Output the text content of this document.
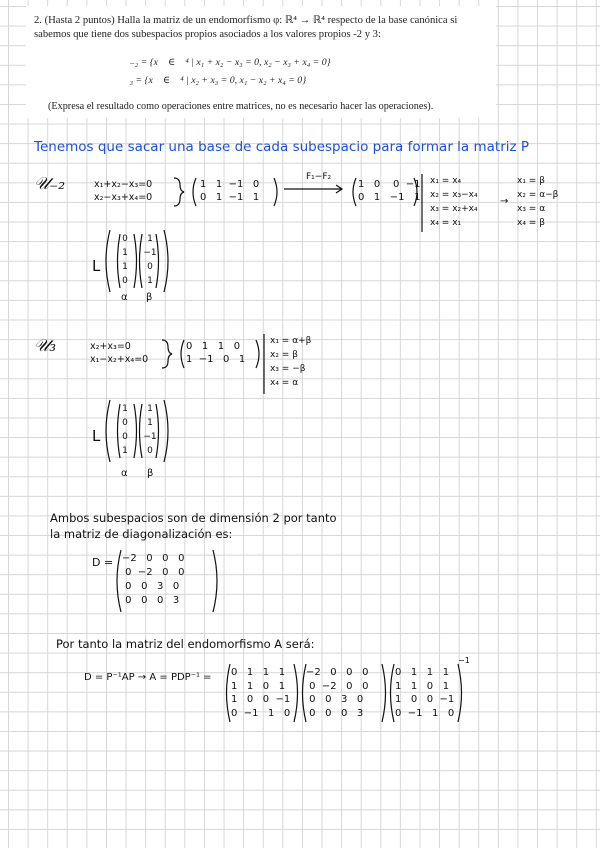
2. (Hasta 2 puntos) Halla la matriz de un endomorfismo φ: ℝ⁴ → ℝ⁴ respecto de la base canónica si sabemos que tiene dos subespacios propios asociados a los valores propios -2 y 3:
𝒰₋₂ = {x⃗ ∈ ℝ⁴ | x₁ + x₂ − x₃ = 0, x₂ − x₃ + x₄ = 0}
𝒰₃ = {x⃗ ∈ ℝ⁴ | x₂ + x₃ = 0, x₁ − x₂ + x₄ = 0}
(Expresa el resultado como operaciones entre matrices, no es necesario hacer las operaciones).
Tenemos que sacar una base de cada subespacio para formar la matriz P
𝒰₋₂	x₁+x₂−x₃=0
x₂−x₃+x₄=0
1   1  −1   0
0   1  −1   1
F₁−F₂
1   0    0  −1
0   1   −1   1
x₁ = x₄
x₂ = x₃−x₄
x₃ = x₂+x₄
x₄ = x₁
→
x₁ = β
x₂ = α−β
x₃ = α
x₄ = β
L
0
1
1
0
1
−1
0
1
α β
𝒰₃	x₂+x₃=0
x₁−x₂+x₄=0
0   1   1   0
1  −1   0   1
x₁ = α+β
x₂ = β
x₃ = −β
x₄ = α
L
1
0
0
1
1
1
−1
0
α β
Ambos subespacios son de dimensión 2 por tanto
la matriz de diagonalización es:
D = −2   0   0   0
0  −2   0   0
0   0   3   0
0   0   0   3
Por tanto la matriz del endomorfismo A será:
D = P⁻¹AP → A = PDP⁻¹ = 0   1   1   1
1   1   0   1
1   0   0  −1
0  −1   1   0
−2   0   0   0
0  −2   0   0
0   0   3   0
0   0   0   3
0   1   1   1
1   1   0   1
1   0   0  −1
0  −1   1   0
−1
